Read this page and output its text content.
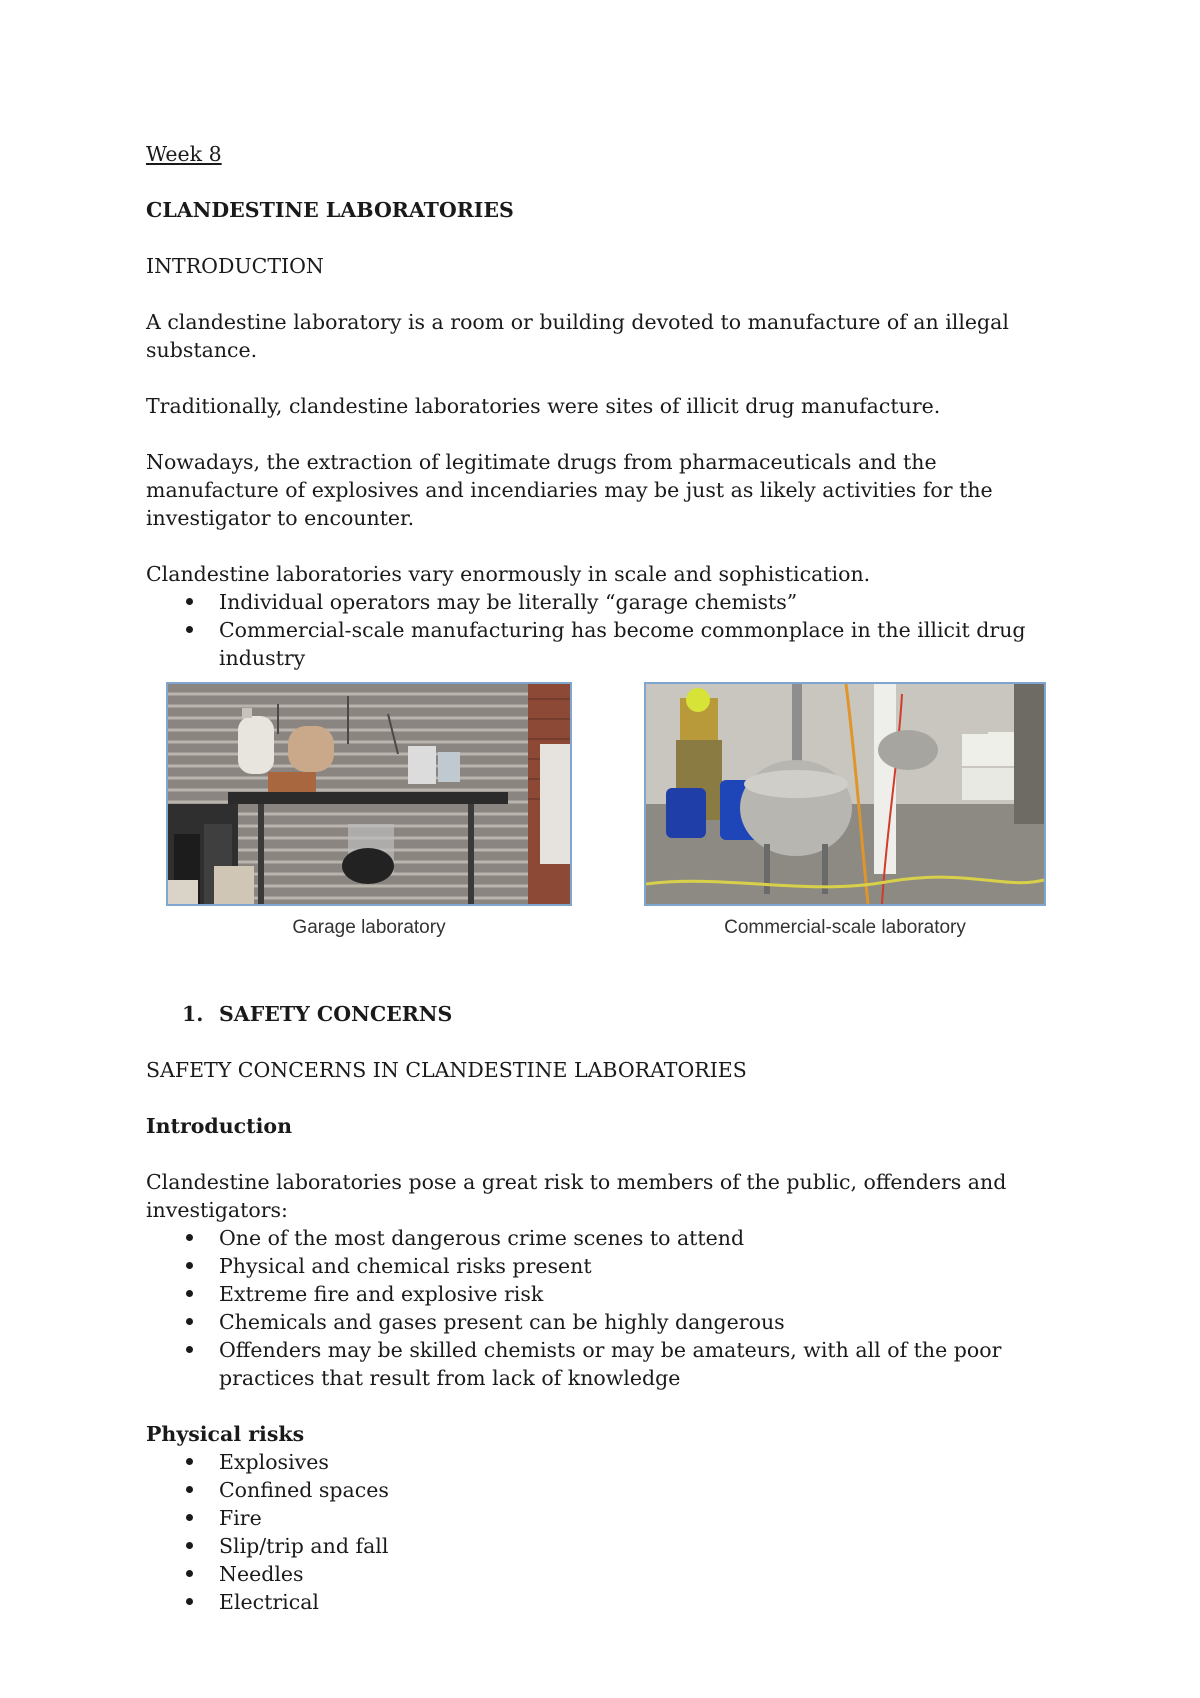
Week 8

CLANDESTINE LABORATORIES

INTRODUCTION

A clandestine laboratory is a room or building devoted to manufacture of an illegal substance.

Traditionally, clandestine laboratories were sites of illicit drug manufacture.

Nowadays, the extraction of legitimate drugs from pharmaceuticals and the manufacture of explosives and incendiaries may be just as likely activities for the investigator to encounter.

Clandestine laboratories vary enormously in scale and sophistication.
Individual operators may be literally “garage chemists”
Commercial-scale manufacturing has become commonplace in the illicit drug industry
Garage laboratory	Commercial-scale laboratory
1. SAFETY CONCERNS

SAFETY CONCERNS IN CLANDESTINE LABORATORIES

Introduction

Clandestine laboratories pose a great risk to members of the public, offenders and investigators:
One of the most dangerous crime scenes to attend
Physical and chemical risks present
Extreme fire and explosive risk
Chemicals and gases present can be highly dangerous
Offenders may be skilled chemists or may be amateurs, with all of the poor practices that result from lack of knowledge
Physical risks
Explosives
Confined spaces
Fire
Slip/trip and fall
Needles
Electrical
